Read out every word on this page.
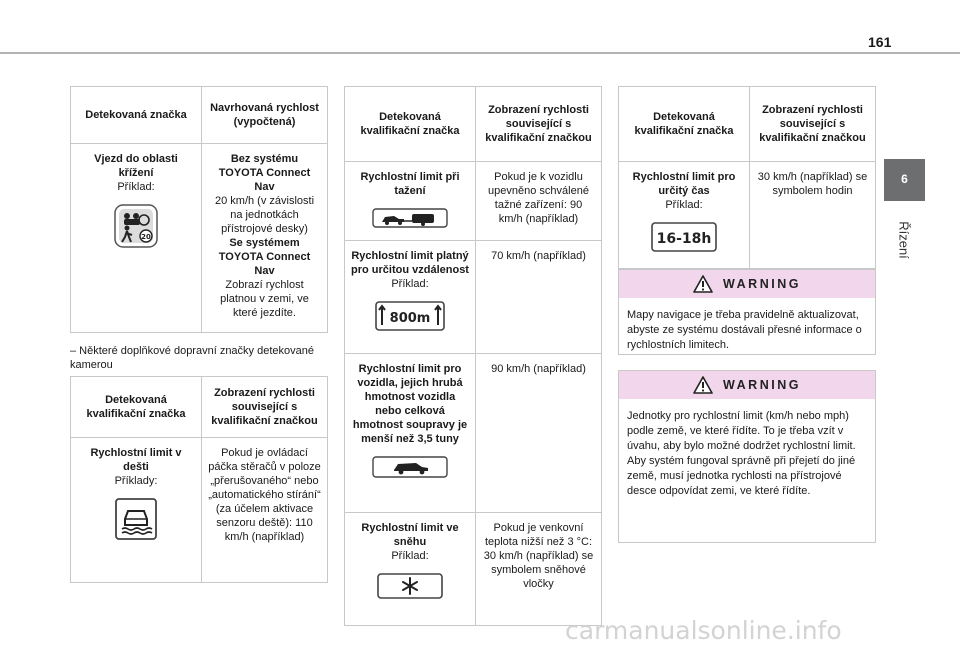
161
6
Řízení
Detekovaná značka	Navrhovaná rychlost (vypočtená)

Vjezd do oblasti křížení
Příklad:
20	Bez systému TOYOTA Connect Nav
20 km/h (v závislosti na jednotkách přístrojové desky)
Se systémem TOYOTA Connect Nav
Zobrazí rychlost platnou v zemi, ve které jezdíte.
– Některé doplňkové dopravní značky detekované kamerou
Detekovaná kvalifikační značka	Zobrazení rychlosti související s kvalifikační značkou

Rychlostní limit v dešti
Příklady:	Pokud je ovládací páčka stěračů v poloze „přerušovaného“ nebo „automatického stírání“ (za účelem aktivace senzoru deště): 110 km/h (například)
Detekovaná kvalifikační značka	Zobrazení rychlosti související s kvalifikační značkou

Rychlostní limit při tažení	Pokud je k vozidlu upevněno schválené tažné zařízení: 90 km/h (například)

Rychlostní limit platný pro určitou vzdálenost
Příklad:
800m	70 km/h (například)

Rychlostní limit pro vozidla, jejich hrubá hmotnost vozidla nebo celková hmotnost soupravy je menší než 3,5 tuny	90 km/h (například)

Rychlostní limit ve sněhu
Příklad:	Pokud je venkovní teplota nižší než 3 °C: 30 km/h (například) se symbolem sněhové vločky
Detekovaná kvalifikační značka	Zobrazení rychlosti související s kvalifikační značkou

Rychlostní limit pro určitý čas
Příklad:
16-18h	30 km/h (například) se symbolem hodin
WARNING
Mapy navigace je třeba pravidelně aktualizovat, abyste ze systému dostávali přesné informace o rychlostních limitech.
WARNING
Jednotky pro rychlostní limit (km/h nebo mph) podle země, ve které řídíte. To je třeba vzít v úvahu, aby bylo možné dodržet rychlostní limit. Aby systém fungoval správně při přejetí do jiné země, musí jednotka rychlosti na přístrojové desce odpovídat zemi, ve které řídíte.
carmanualsonline.info
